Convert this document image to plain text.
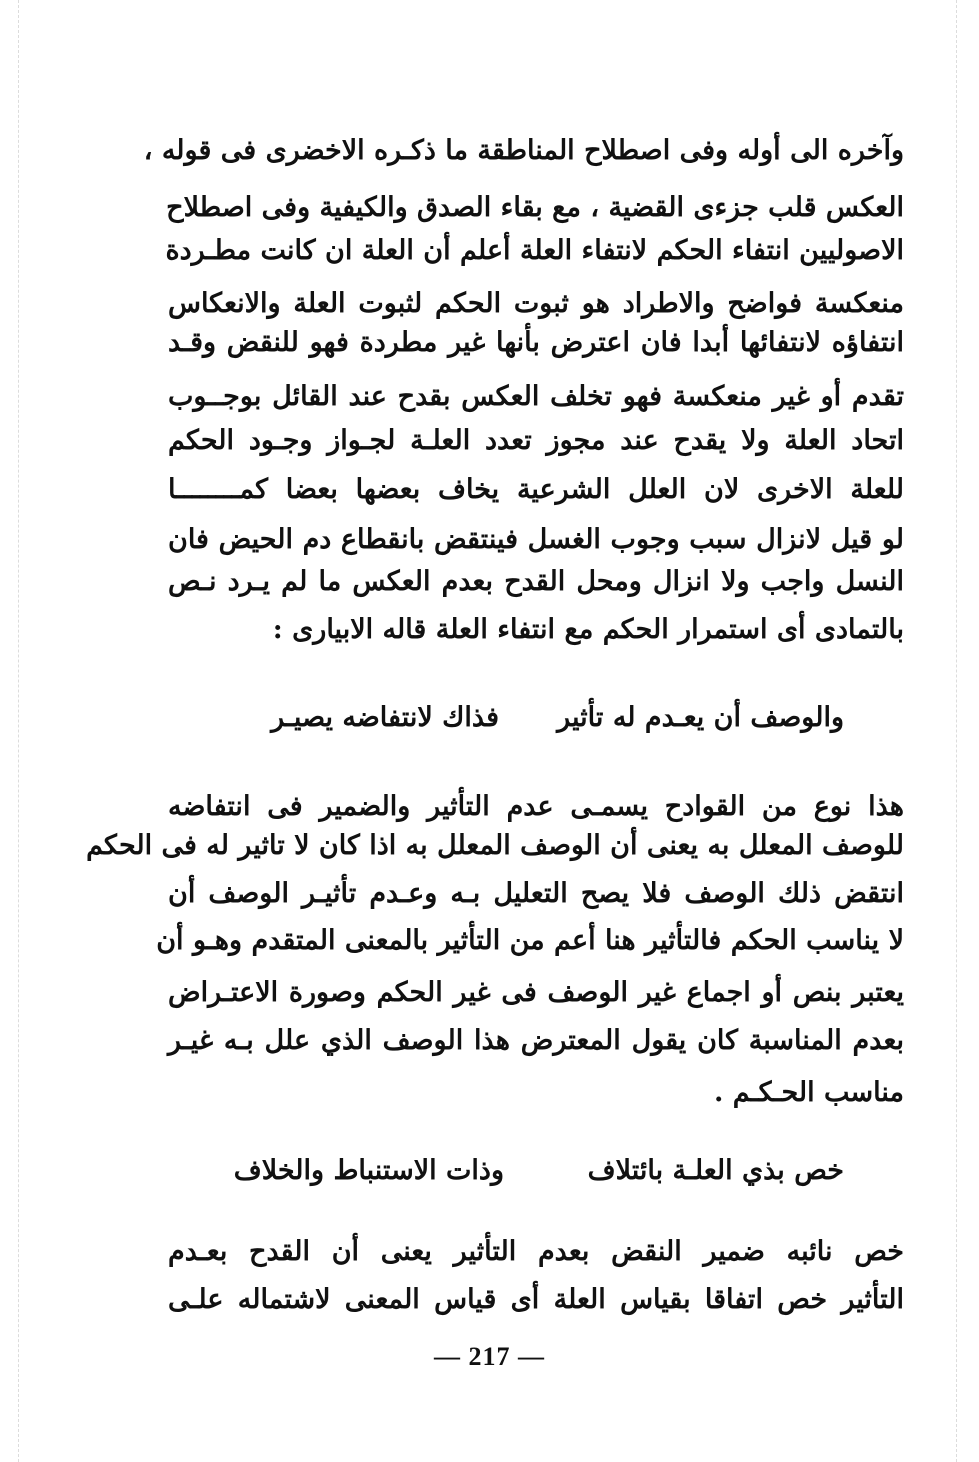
وآخره الى أوله وفى اصطلاح المناطقة ما ذكـره الاخضرى فى قوله ،
العكس قلب جزءى القضية ، مع بقاء الصدق والكيفية وفى اصطلاح
الاصوليين انتفاء الحكم لانتفاء العلة أعلم أن العلة ان كانت مطـردة
منعكسة فواضح والاطراد هو ثبوت الحكم لثبوت العلة والانعكاس
انتفاؤه لانتفائها أبدا فان اعترض بأنها غير مطردة فهو للنقض وقـد
تقدم أو غير منعكسة فهو تخلف العكس بقدح عند القائل بوجــوب
اتحاد العلة ولا يقدح عند مجوز تعدد العلـة لجـواز وجـود الحكم
للعلة الاخرى لان العلل الشرعية يخاف بعضها بعضا كمــــــــا
لو قيل لانزال سبب وجوب الغسل فينتقض بانقطاع دم الحيض فان
النسل واجب ولا انزال ومحل القدح بعدم العكس ما لم يـرد نـص
بالتمادى أى استمرار الحكم مع انتفاء العلة قاله الابيارى :
والوصف أن يعـدم له تأثير
فذاك لانتفاضه يصيـر
هذا نوع من القوادح يسمـى عدم التأثير والضمير فى انتفاضه
للوصف المعلل به يعنى أن الوصف المعلل به اذا كان لا تاثير له فى الحكم
انتقض ذلك الوصف فلا يصح التعليل بـه وعـدم تأثيـر الوصف أن
لا يناسب الحكم فالتأثير هنا أعم من التأثير بالمعنى المتقدم وهـو أن
يعتبر بنص أو اجماع غير الوصف فى غير الحكم وصورة الاعتـراض
بعدم المناسبة كان يقول المعترض هذا الوصف الذي علل بـه غيـر
مناسب الحـكـم .
خص بذي العلـة بائتلاف
وذات الاستنباط والخلاف
خص نائبه ضمير النقض بعدم التأثير يعنى أن القدح بعـدم
التأثير خص اتفاقا بقياس العلة أى قياس المعنى لاشتماله علـى
— 217 —
